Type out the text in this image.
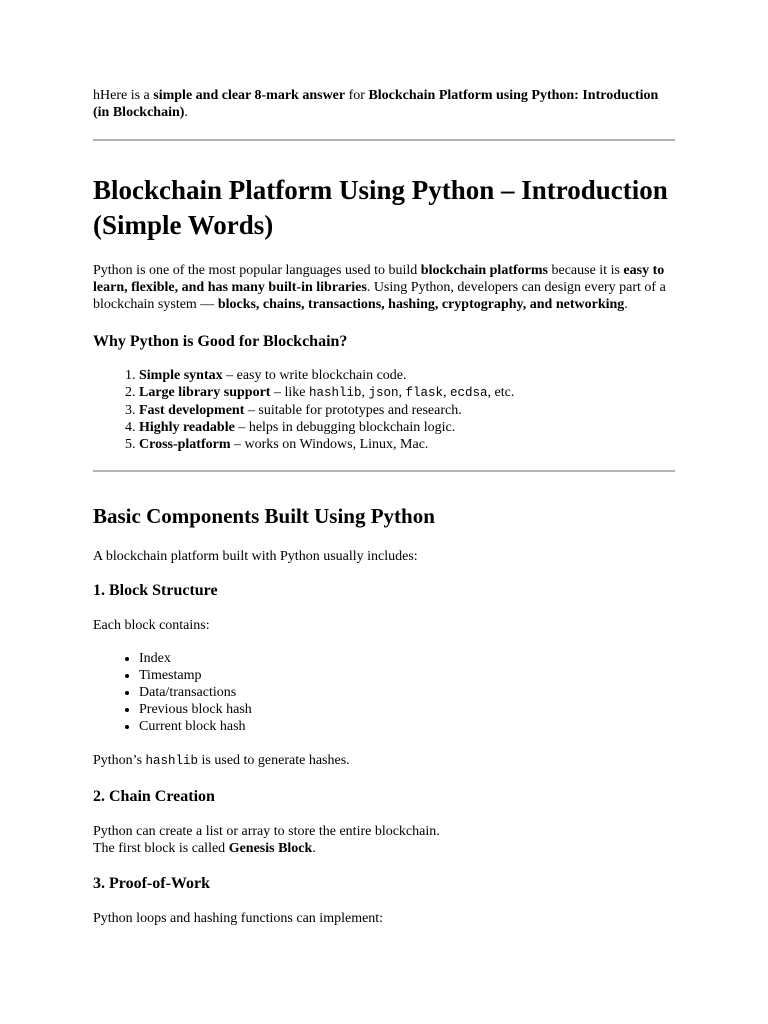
hHere is a simple and clear 8-mark answer for Blockchain Platform using Python: Introduction (in Blockchain).

Blockchain Platform Using Python – Introduction (Simple Words)

Python is one of the most popular languages used to build blockchain platforms because it is easy to learn, flexible, and has many built-in libraries. Using Python, developers can design every part of a blockchain system — blocks, chains, transactions, hashing, cryptography, and networking.

Why Python is Good for Blockchain?
1. Simple syntax – easy to write blockchain code.
2. Large library support – like hashlib, json, flask, ecdsa, etc.
3. Fast development – suitable for prototypes and research.
4. Highly readable – helps in debugging blockchain logic.
5. Cross-platform – works on Windows, Linux, Mac.
Basic Components Built Using Python

A blockchain platform built with Python usually includes:

1. Block Structure

Each block contains:

• Index
• Timestamp
• Data/transactions
• Previous block hash
• Current block hash

Python’s hashlib is used to generate hashes.

2. Chain Creation

Python can create a list or array to store the entire blockchain.
The first block is called Genesis Block.

3. Proof-of-Work

Python loops and hashing functions can implement:
